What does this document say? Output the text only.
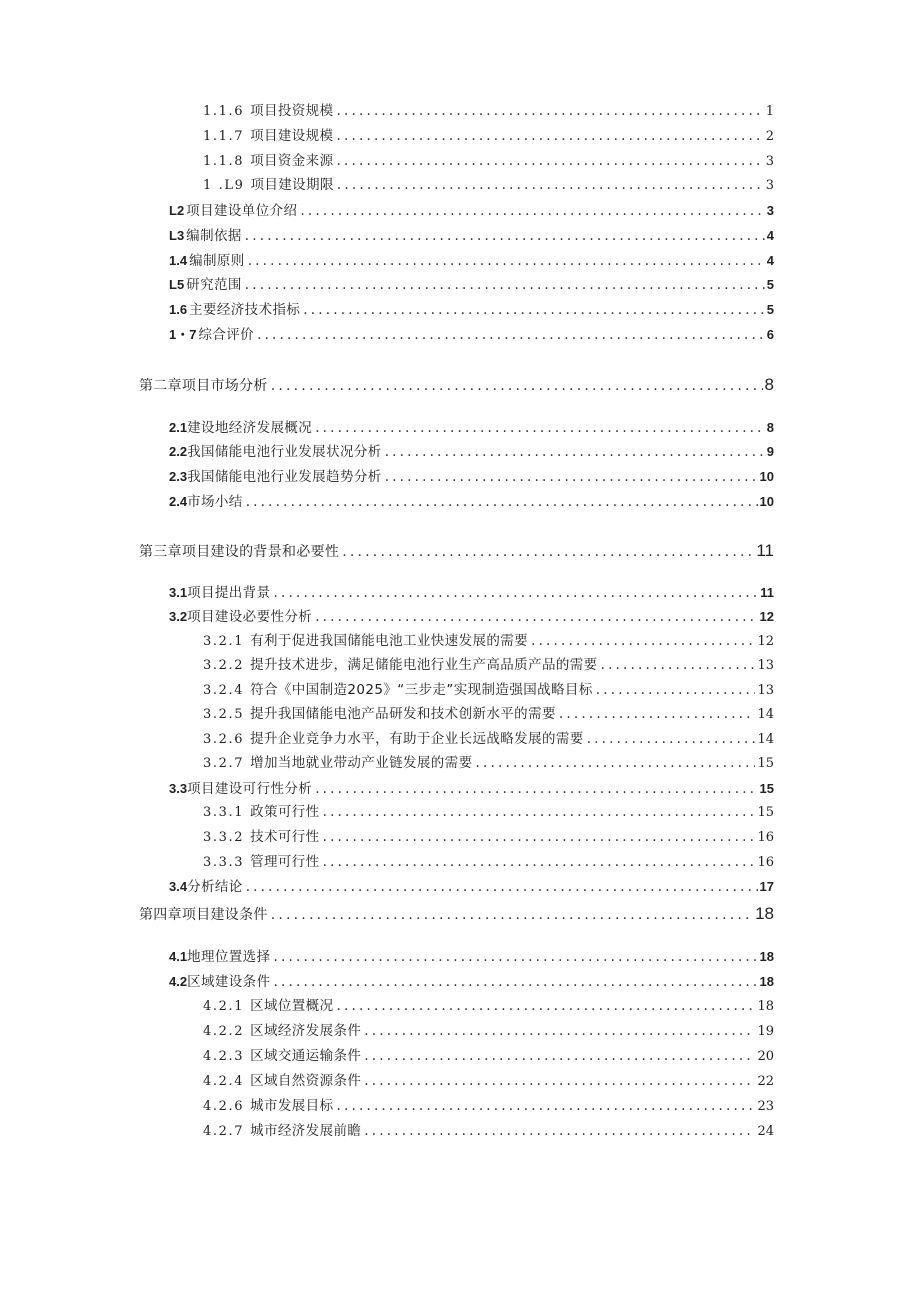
1.1.6 项目投资规模 .....	1
1.1.7 项目建设规模 .....	2
1.1.8 项目资金来源 .....	3
1 .L9 项目建设期限 .....	3
L2 项目建设单位介绍 .....	3
L3 编制依据 .....	4
1.4 编制原则 .....	4
L5 研究范围 .....	5
1.6 主要经济技术指标 .....	5
1・7 综合评价 .....	6
第二章项目市场分析 .....	8
2.1 建设地经济发展概况 .....	8
2.2 我国储能电池行业发展状况分析 .....	9
2.3 我国储能电池行业发展趋势分析 .....	10
2.4 市场小结 .....	10
第三章项目建设的背景和必要性 .....	11
3.1 项目提出背景 .....	11
3.2 项目建设必要性分析 .....	12
3.2.1 有利于促进我国储能电池工业快速发展的需要 .....	12
3.2.2 提升技术进步，满足储能电池行业生产高品质产品的需要 .....	13
3.2.4 符合《中国制造2025》“三步走”实现制造强国战略目标 .....	13
3.2.5 提升我国储能电池产品研发和技术创新水平的需要 .....	14
3.2.6 提升企业竞争力水平，有助于企业长远战略发展的需要 .....	14
3.2.7 增加当地就业带动产业链发展的需要 .....	15
3.3 项目建设可行性分析 .....	15
3.3.1 政策可行性 .....	15
3.3.2 技术可行性 .....	16
3.3.3 管理可行性 .....	16
3.4 分析结论 .....	17
第四章项目建设条件 .....	18
4.1 地理位置选择 .....	18
4.2 区域建设条件 .....	18
4.2.1 区域位置概况 .....	18
4.2.2 区域经济发展条件 .....	19
4.2.3 区域交通运输条件 .....	20
4.2.4 区域自然资源条件 .....	22
4.2.6 城市发展目标 .....	23
4.2.7 城市经济发展前瞻 .....	24
